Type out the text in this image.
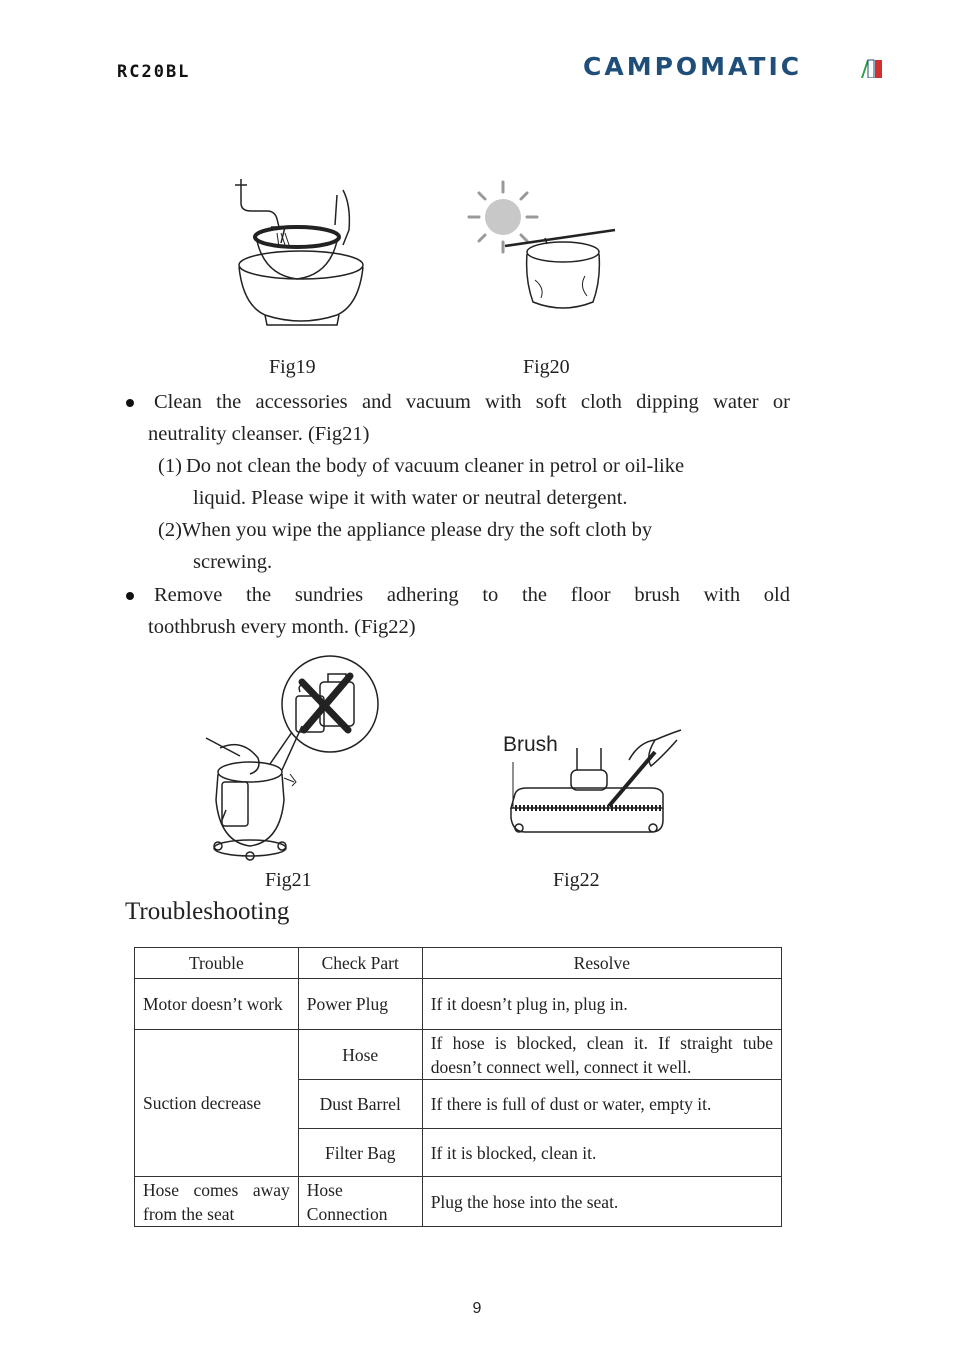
RC20BL	CAMPOMATIC
Fig19	Fig20
Clean the accessories and vacuum with soft cloth dipping water or
neutrality cleanser. (Fig21)
(1) Do not clean the body of vacuum cleaner in petrol or oil-like
liquid. Please wipe it with water or neutral detergent.
(2)When you wipe the appliance please dry the soft cloth by
screwing.
Remove the sundries adhering to the floor brush with old
toothbrush every month. (Fig22)
Brush
Fig21	Fig22
Troubleshooting
Trouble	Check Part	Resolve
Motor doesn’t work	Power Plug	If it doesn’t plug in, plug in.
Suction decrease	Hose	If hose is blocked, clean it. If straight tube doesn’t connect well, connect it well.
	Dust Barrel	If there is full of dust or water, empty it.
	Filter Bag	If it is blocked, clean it.
Hose comes away from the seat	Hose Connection	Plug the hose into the seat.
9
